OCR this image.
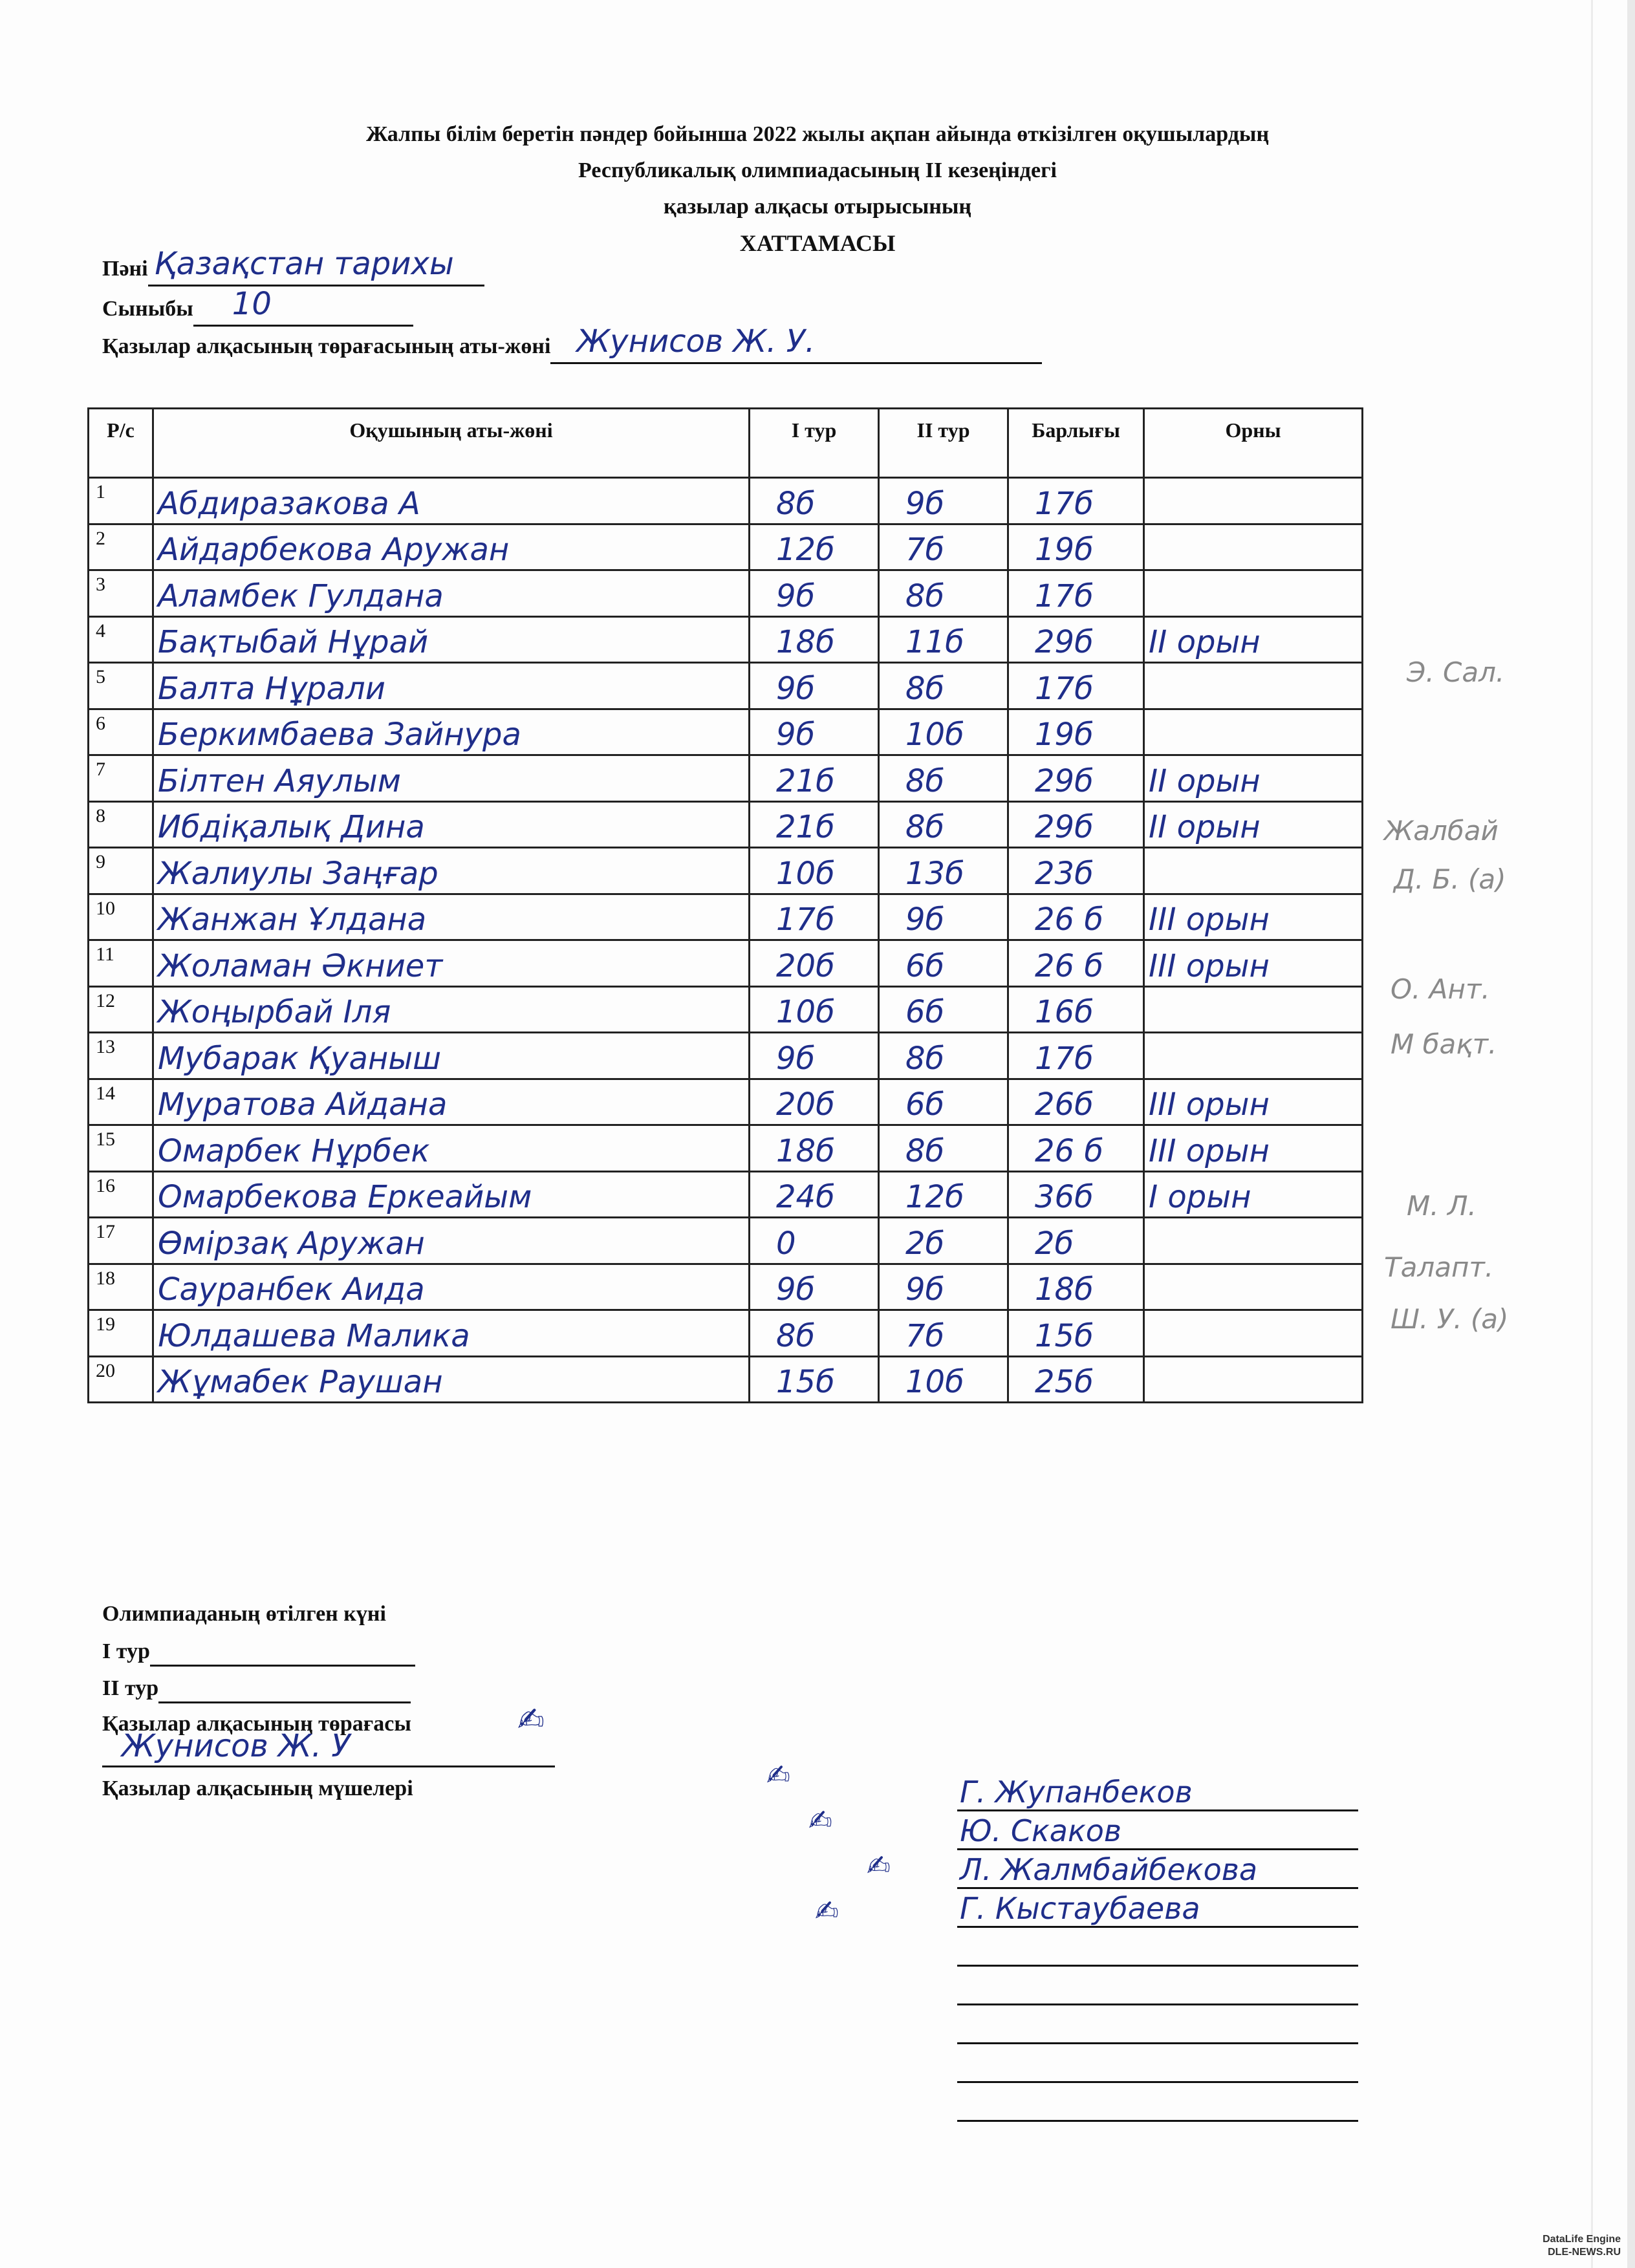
Жалпы білім беретін пәндер бойынша 2022 жылы ақпан айында өткізілген оқушылардың
Республикалық олимпиадасының II кезеңіндегі
қазылар алқасы отырысының
ХАТТАМАСЫ
Пәні Қазақстан тарихы
Сыныбы 10
Қазылар алқасының төрағасының аты-жөні Жунисов Ж. У.
Р/с	Оқушының аты-жөні	I тур	II тур	Барлығы	Орны
1	Абдиразакова А	8б	9б	17б	

2	Айдарбекова Аружан	12б	7б	19б	

3	Аламбек Гулдана	9б	8б	17б	

4	Бақтыбай Нұрай	18б	11б	29б	II орын

5	Балта Нұрали	9б	8б	17б	

6	Беркимбаева Зайнура	9б	10б	19б	

7	Білтен Аяулым	21б	8б	29б	II орын

8	Ибдіқалық Дина	21б	8б	29б	II орын

9	Жалиулы Заңғар	10б	13б	23б	

10	Жанжан Ұлдана	17б	9б	26 б	III орын

11	Жоламан Әкниет	20б	6б	26 б	III орын

12	Жоңырбай Іля	10б	6б	16б	

13	Мубарак Қуаныш	9б	8б	17б	

14	Муратова Айдана	20б	6б	26б	III орын

15	Омарбек Нұрбек	18б	8б	26 б	III орын

16	Омарбекова Еркеайым	24б	12б	36б	I орын

17	Өмірзақ Аружан	0	2б	2б	

18	Сауранбек Аида	9б	9б	18б	

19	Юлдашева Малика	8б	7б	15б	

20	Жұмабек Раушан	15б	10б	25б	

Э. Сал.
Жалбай
Д. Б. (а)
О. Ант.
М бақт.
М. Л.
Талапт.
Ш. У. (а)
Олимпиаданың өтілген күні
I тур
II тур
Қазылар алқасының төрағасы
Жунисов Ж. У
✍
Қазылар алқасының мүшелері	✍
✍
✍
✍
Г. Жупанбеков
Ю. Скаков
Л. Жалмбайбекова
Г. Кыстаубаева
DataLife Engine
DLE-NEWS.RU
